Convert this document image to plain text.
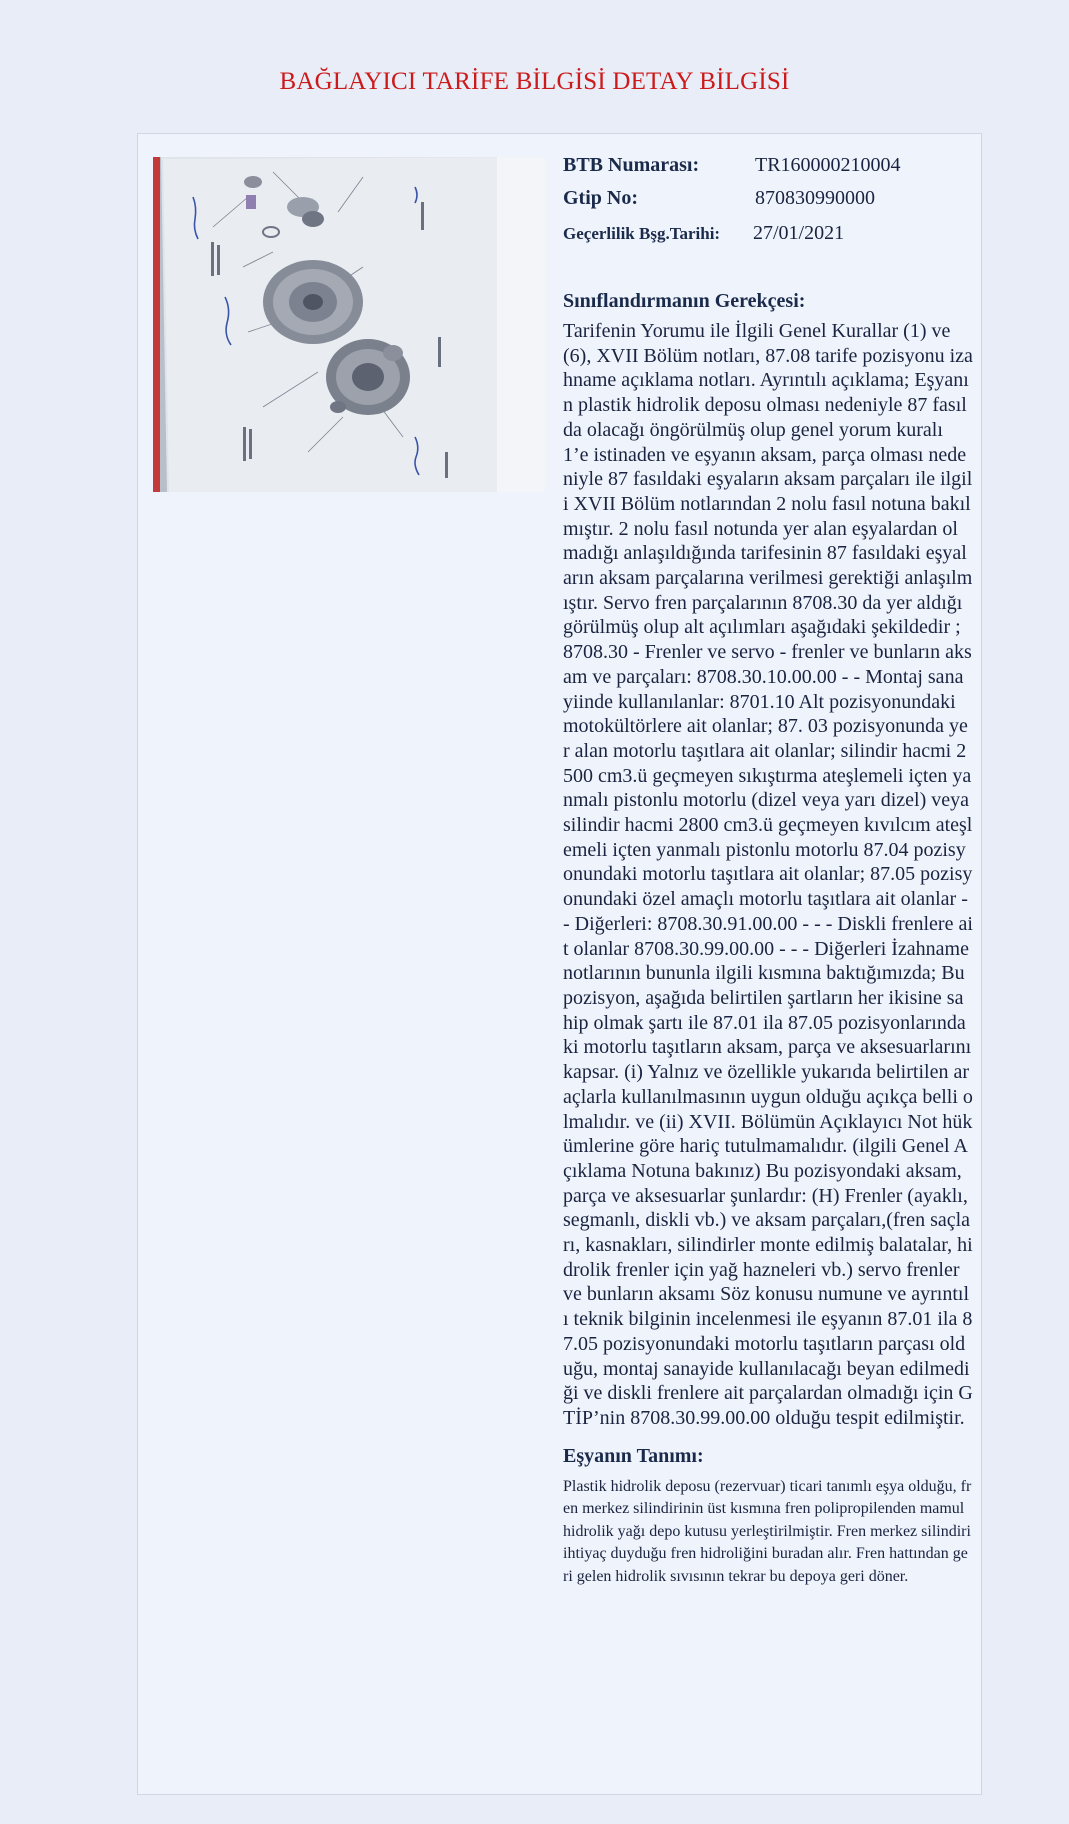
BAĞLAYICI TARİFE BİLGİSİ DETAY BİLGİSİ
BTB Numarası:	TR160000210004
Gtip No:	870830990000
Geçerlilik Bşg.Tarihi:	27/01/2021
Sınıflandırmanın Gerekçesi:
Tarifenin Yorumu ile İlgili Genel Kurallar (1) ve (6), XVII Bölüm notları, 87.08 tarife pozisyonu izahname açıklama notları. Ayrıntılı açıklama; Eşyanın plastik hidrolik deposu olması nedeniyle 87 fasılda olacağı öngörülmüş olup genel yorum kuralı 1’e istinaden ve eşyanın aksam, parça olması nedeniyle 87 fasıldaki eşyaların aksam parçaları ile ilgili XVII Bölüm notlarından 2 nolu fasıl notuna bakılmıştır. 2 nolu fasıl notunda yer alan eşyalardan olmadığı anlaşıldığında tarifesinin 87 fasıldaki eşyaların aksam parçalarına verilmesi gerektiği anlaşılmıştır. Servo fren parçalarının 8708.30 da yer aldığı görülmüş olup alt açılımları aşağıdaki şekildedir ; 8708.30 - Frenler ve servo - frenler ve bunların aksam ve parçaları: 8708.30.10.00.00 - - Montaj sanayiinde kullanılanlar: 8701.10 Alt pozisyonundaki motokültörlere ait olanlar; 87. 03 pozisyonunda yer alan motorlu taşıtlara ait olanlar; silindir hacmi 2500 cm3.ü geçmeyen sıkıştırma ateşlemeli içten yanmalı pistonlu motorlu (dizel veya yarı dizel) veya silindir hacmi 2800 cm3.ü geçmeyen kıvılcım ateşlemeli içten yanmalı pistonlu motorlu 87.04 pozisyonundaki motorlu taşıtlara ait olanlar; 87.05 pozisyonundaki özel amaçlı motorlu taşıtlara ait olanlar - - Diğerleri: 8708.30.91.00.00 - - - Diskli frenlere ait olanlar 8708.30.99.00.00 - - - Diğerleri İzahname notlarının bununla ilgili kısmına baktığımızda; Bu pozisyon, aşağıda belirtilen şartların her ikisine sahip olmak şartı ile 87.01 ila 87.05 pozisyonlarındaki motorlu taşıtların aksam, parça ve aksesuarlarını kapsar. (i) Yalnız ve özellikle yukarıda belirtilen araçlarla kullanılmasının uygun olduğu açıkça belli olmalıdır. ve (ii) XVII. Bölümün Açıklayıcı Not hükümlerine göre hariç tutulmamalıdır. (ilgili Genel Açıklama Notuna bakınız) Bu pozisyondaki aksam, parça ve aksesuarlar şunlardır: (H) Frenler (ayaklı, segmanlı, diskli vb.) ve aksam parçaları,(fren saçları, kasnakları, silindirler monte edilmiş balatalar, hidrolik frenler için yağ hazneleri vb.) servo frenler ve bunların aksamı Söz konusu numune ve ayrıntılı teknik bilginin incelenmesi ile eşyanın 87.01 ila 87.05 pozisyonundaki motorlu taşıtların parçası olduğu, montaj sanayide kullanılacağı beyan edilmediği ve diskli frenlere ait parçalardan olmadığı için GTİP’nin 8708.30.99.00.00 olduğu tespit edilmiştir.
Eşyanın Tanımı:
Plastik hidrolik deposu (rezervuar) ticari tanımlı eşya olduğu, fren merkez silindirinin üst kısmına fren polipropilenden mamul hidrolik yağı depo kutusu yerleştirilmiştir. Fren merkez silindiri ihtiyaç duyduğu fren hidroliğini buradan alır. Fren hattından geri gelen hidrolik sıvısının tekrar bu depoya geri döner.
